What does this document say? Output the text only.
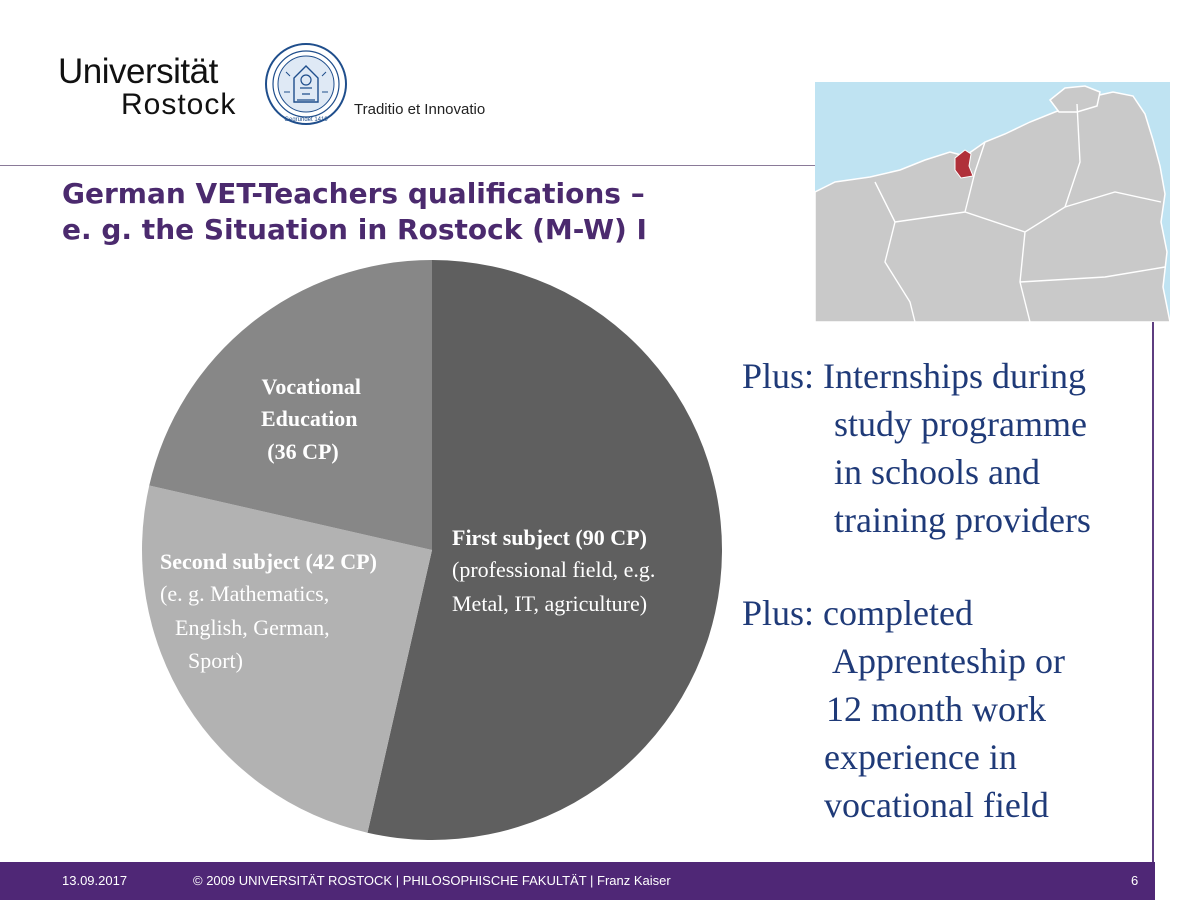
Universität
Rostock	Gegründet 1419
Traditio et Innovatio
German VET-Teachers qualifications –
e. g. the Situation in Rostock (M-W) I
Vocational Education (36 CP)
First subject (90 CP) (professional field, e.g. Metal, IT, agriculture)
Second subject (42 CP) (e. g. Mathematics, English, German, Sport)
Plus: Internships during
study programme
in schools and
training providers
Plus: completed
Apprenteship or
12 month work
experience in
vocational field
13.09.2017	© 2009 UNIVERSITÄT ROSTOCK | PHILOSOPHISCHE FAKULTÄT | Franz Kaiser	6
